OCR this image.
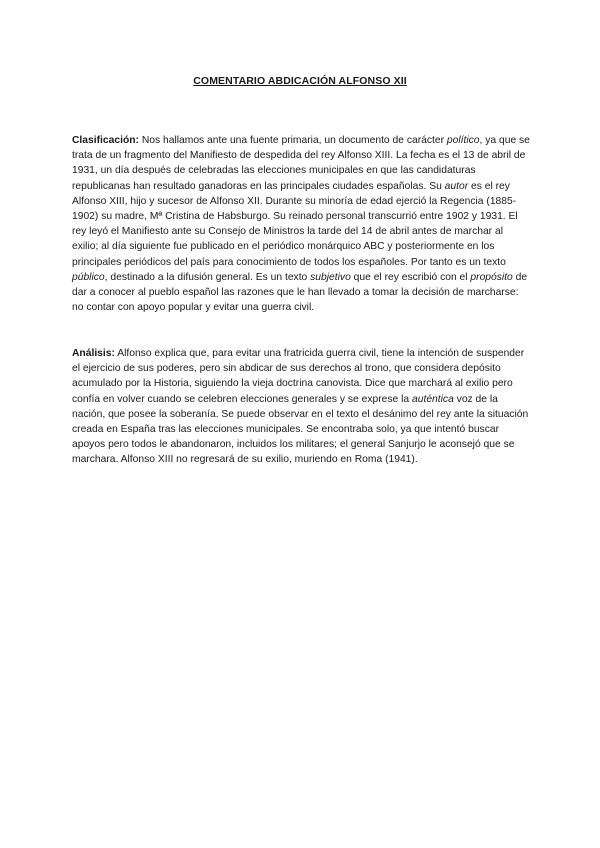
COMENTARIO ABDICACIÓN ALFONSO XII

Clasificación: Nos hallamos ante una fuente primaria, un documento de carácter político, ya que se trata de un fragmento del Manifiesto de despedida del rey Alfonso XIII. La fecha es el 13 de abril de 1931, un día después de celebradas las elecciones municipales en que las candidaturas republicanas han resultado ganadoras en las principales ciudades españolas. Su autor es el rey Alfonso XIII, hijo y sucesor de Alfonso XII. Durante su minoría de edad ejerció la Regencia (1885-1902) su madre, Mª Cristina de Habsburgo. Su reinado personal transcurrió entre 1902 y 1931. El rey leyó el Manifiesto ante su Consejo de Ministros la tarde del 14 de abril antes de marchar al exilio; al día siguiente fue publicado en el periódico monárquico ABC y posteriormente en los principales periódicos del país para conocimiento de todos los españoles. Por tanto es un texto público, destinado a la difusión general. Es un texto subjetivo que el rey escribió con el propósito de dar a conocer al pueblo español las razones que le han llevado a tomar la decisión de marcharse: no contar con apoyo popular y evitar una guerra civil.

Análisis: Alfonso explica que, para evitar una fratricida guerra civil, tiene la intención de suspender el ejercicio de sus poderes, pero sin abdicar de sus derechos al trono, que considera depósito acumulado por la Historia, siguiendo la vieja doctrina canovista. Dice que marchará al exilio pero confía en volver cuando se celebren elecciones generales y se exprese la auténtica voz de la nación, que posee la soberanía. Se puede observar en el texto el desánimo del rey ante la situación creada en España tras las elecciones municipales. Se encontraba solo, ya que intentó buscar apoyos pero todos le abandonaron, incluidos los militares; el general Sanjurjo le aconsejó que se marchara. Alfonso XIII no regresará de su exilio, muriendo en Roma (1941).
